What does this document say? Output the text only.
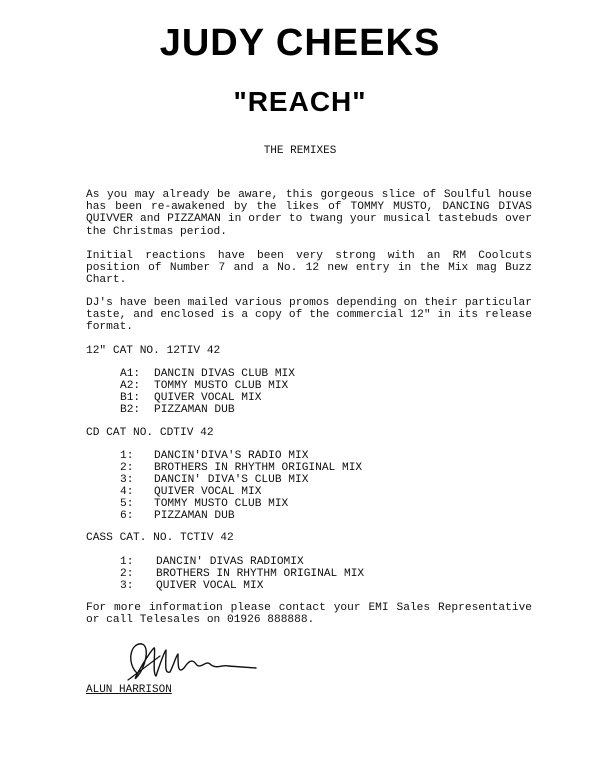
JUDY CHEEKS
"REACH"
THE REMIXES

As you may already be aware, this gorgeous slice of Soulful house has been re-awakened by the likes of TOMMY MUSTO, DANCING DIVAS QUIVVER and PIZZAMAN in order to twang your musical tastebuds over the Christmas period.

Initial reactions have been very strong with an RM Coolcuts position of Number 7 and a No. 12 new entry in the Mix mag Buzz Chart.

DJ's have been mailed various promos depending on their particular taste, and enclosed is a copy of the commercial 12" in its release format.

12" CAT NO. 12TIV 42
A1: DANCIN DIVAS CLUB MIX
A2: TOMMY MUSTO CLUB MIX
B1: QUIVER VOCAL MIX
B2: PIZZAMAN DUB
CD CAT NO. CDTIV 42
1: DANCIN'DIVA'S RADIO MIX
2: BROTHERS IN RHYTHM ORIGINAL MIX
3: DANCIN' DIVA'S CLUB MIX
4: QUIVER VOCAL MIX
5: TOMMY MUSTO CLUB MIX
6: PIZZAMAN DUB
CASS CAT. NO. TCTIV 42
1: DANCIN' DIVAS RADIOMIX
2: BROTHERS IN RHYTHM ORIGINAL MIX
3: QUIVER VOCAL MIX

For more information please contact your EMI Sales Representative or call Telesales on 01926 888888.

ALUN HARRISON
